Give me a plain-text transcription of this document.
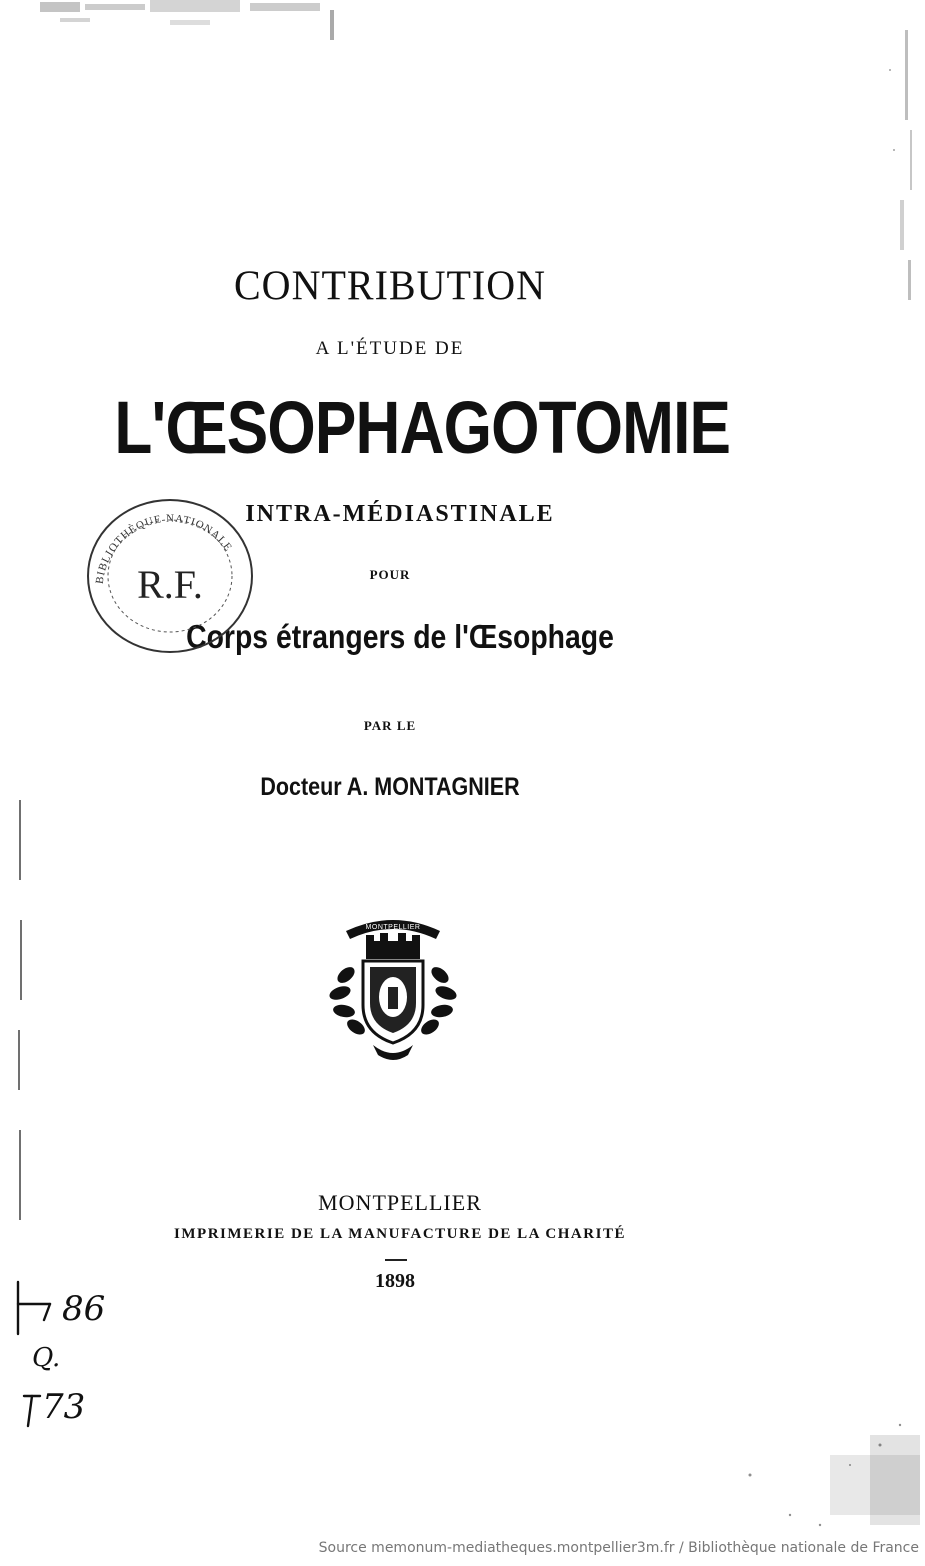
CONTRIBUTION
A L'ÉTUDE DE
L'ŒSOPHAGOTOMIE
INTRA-MÉDIASTINALE
POUR
Corps étrangers de l'Œsophage
PAR LE
Docteur A. MONTAGNIER
BIBLIOTHÈQUE NATIONALE
R.F.
MONTPELLIER
MONTPELLIER
IMPRIMERIE DE LA MANUFACTURE DE LA CHARITÉ
1898
86
Q.
73
Source memonum-mediatheques.montpellier3m.fr / Bibliothèque nationale de France
